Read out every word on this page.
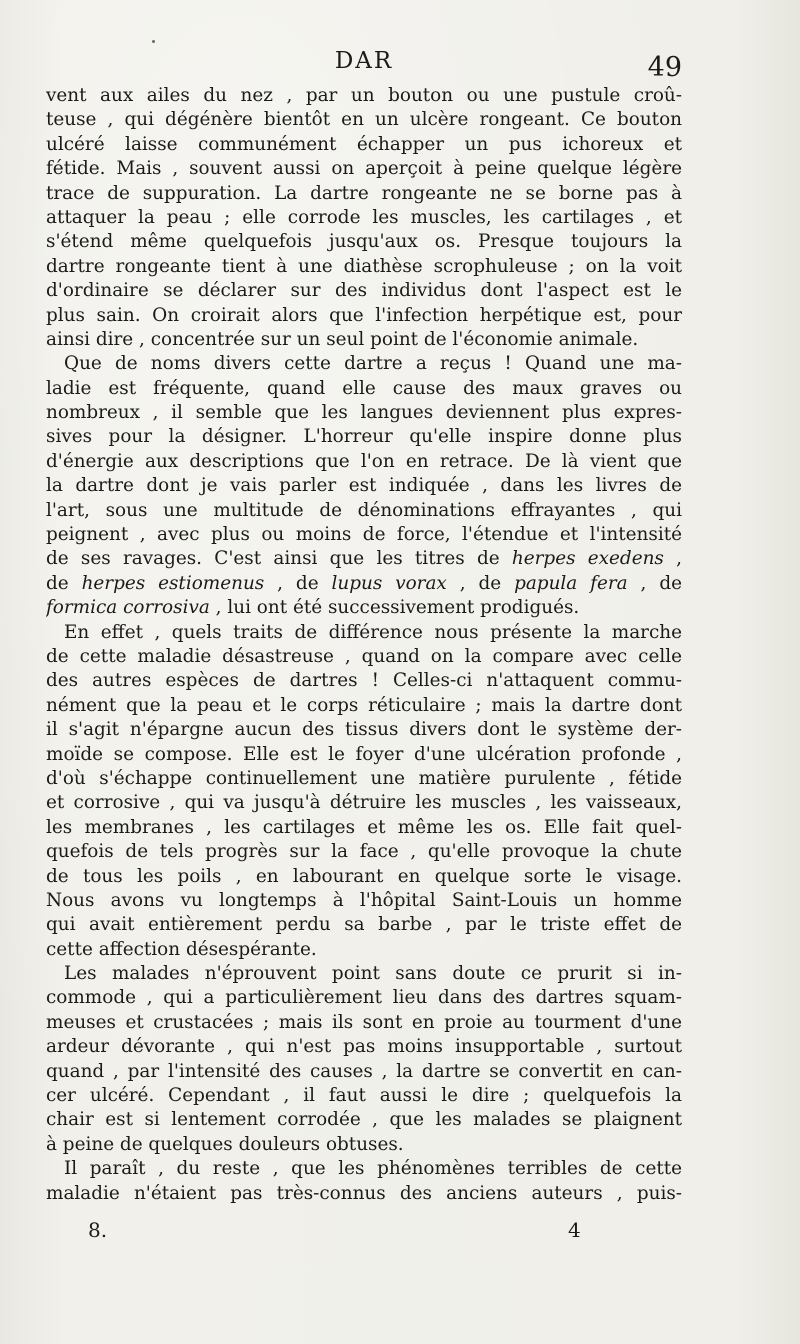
DAR	49
vent aux ailes du nez , par un bouton ou une pustule croû-
teuse , qui dégénère bientôt en un ulcère rongeant. Ce bouton
ulcéré laisse communément échapper un pus ichoreux et
fétide. Mais , souvent aussi on aperçoit à peine quelque légère
trace de suppuration. La dartre rongeante ne se borne pas à
attaquer la peau ; elle corrode les muscles, les cartilages , et
s'étend même quelquefois jusqu'aux os. Presque toujours la
dartre rongeante tient à une diathèse scrophuleuse ; on la voit
d'ordinaire se déclarer sur des individus dont l'aspect est le
plus sain. On croirait alors que l'infection herpétique est, pour
ainsi dire , concentrée sur un seul point de l'économie animale.
Que de noms divers cette dartre a reçus ! Quand une ma-
ladie est fréquente, quand elle cause des maux graves ou
nombreux , il semble que les langues deviennent plus expres-
sives pour la désigner. L'horreur qu'elle inspire donne plus
d'énergie aux descriptions que l'on en retrace. De là vient que
la dartre dont je vais parler est indiquée , dans les livres de
l'art, sous une multitude de dénominations effrayantes , qui
peignent , avec plus ou moins de force, l'étendue et l'intensité
de ses ravages. C'est ainsi que les titres de herpes exedens ,
de herpes estiomenus , de lupus vorax , de papula fera , de
formica corrosiva , lui ont été successivement prodigués.
En effet , quels traits de différence nous présente la marche
de cette maladie désastreuse , quand on la compare avec celle
des autres espèces de dartres ! Celles-ci n'attaquent commu-
nément que la peau et le corps réticulaire ; mais la dartre dont
il s'agit n'épargne aucun des tissus divers dont le système der-
moïde se compose. Elle est le foyer d'une ulcération profonde ,
d'où s'échappe continuellement une matière purulente , fétide
et corrosive , qui va jusqu'à détruire les muscles , les vaisseaux,
les membranes , les cartilages et même les os. Elle fait quel-
quefois de tels progrès sur la face , qu'elle provoque la chute
de tous les poils , en labourant en quelque sorte le visage.
Nous avons vu longtemps à l'hôpital Saint-Louis un homme
qui avait entièrement perdu sa barbe , par le triste effet de
cette affection désespérante.
Les malades n'éprouvent point sans doute ce prurit si in-
commode , qui a particulièrement lieu dans des dartres squam-
meuses et crustacées ; mais ils sont en proie au tourment d'une
ardeur dévorante , qui n'est pas moins insupportable , surtout
quand , par l'intensité des causes , la dartre se convertit en can-
cer ulcéré. Cependant , il faut aussi le dire ; quelquefois la
chair est si lentement corrodée , que les malades se plaignent
à peine de quelques douleurs obtuses.
Il paraît , du reste , que les phénomènes terribles de cette
maladie n'étaient pas très-connus des anciens auteurs , puis-
8.	4
